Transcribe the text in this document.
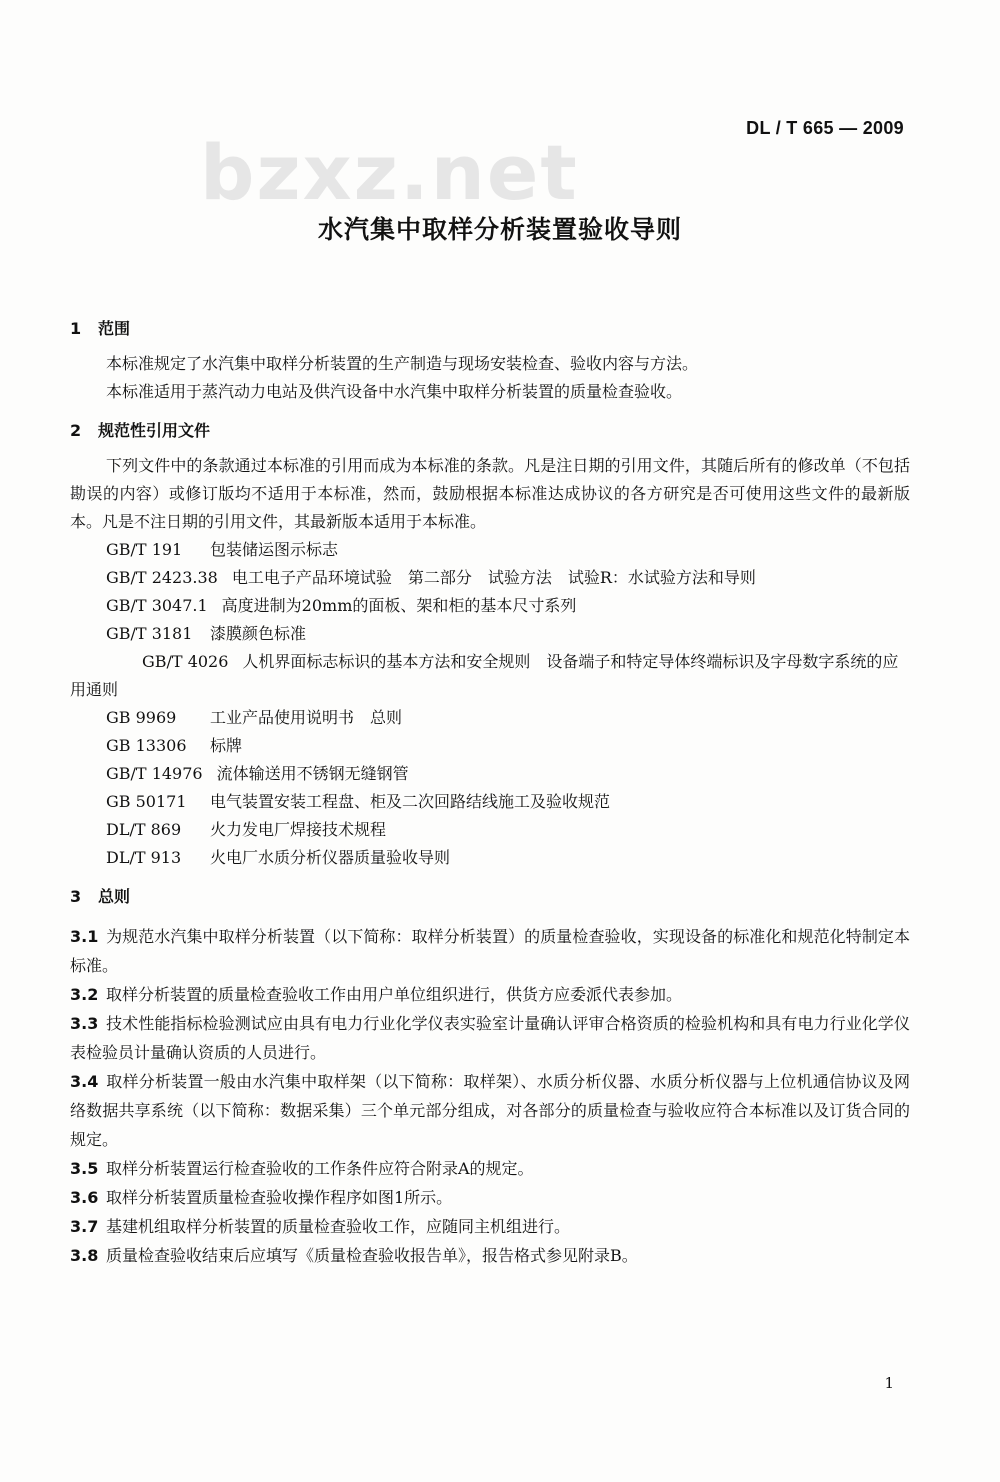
DL / T 665 — 2009
bzxz.net
水汽集中取样分析装置验收导则
1 范围
本标准规定了水汽集中取样分析装置的生产制造与现场安装检查、验收内容与方法。
本标准适用于蒸汽动力电站及供汽设备中水汽集中取样分析装置的质量检查验收。
2 规范性引用文件
下列文件中的条款通过本标准的引用而成为本标准的条款。凡是注日期的引用文件，其随后所有的修改单（不包括勘误的内容）或修订版均不适用于本标准，然而，鼓励根据本标准达成协议的各方研究是否可使用这些文件的最新版本。凡是不注日期的引用文件，其最新版本适用于本标准。
GB/T 191 包装储运图示标志
GB/T 2423.38 电工电子产品环境试验　第二部分　试验方法　试验R：水试验方法和导则
GB/T 3047.1 高度进制为20mm的面板、架和柜的基本尺寸系列
GB/T 3181 漆膜颜色标准
GB/T 4026 人机界面标志标识的基本方法和安全规则　设备端子和特定导体终端标识及字母数字系统的应用通则
GB 9969 工业产品使用说明书　总则
GB 13306 标牌
GB/T 14976 流体输送用不锈钢无缝钢管
GB 50171 电气装置安装工程盘、柜及二次回路结线施工及验收规范
DL/T 869 火力发电厂焊接技术规程
DL/T 913 火电厂水质分析仪器质量验收导则
3 总则
3.1 为规范水汽集中取样分析装置（以下简称：取样分析装置）的质量检查验收，实现设备的标准化和规范化特制定本标准。
3.2 取样分析装置的质量检查验收工作由用户单位组织进行，供货方应委派代表参加。
3.3 技术性能指标检验测试应由具有电力行业化学仪表实验室计量确认评审合格资质的检验机构和具有电力行业化学仪表检验员计量确认资质的人员进行。
3.4 取样分析装置一般由水汽集中取样架（以下简称：取样架）、水质分析仪器、水质分析仪器与上位机通信协议及网络数据共享系统（以下简称：数据采集）三个单元部分组成，对各部分的质量检查与验收应符合本标准以及订货合同的规定。
3.5 取样分析装置运行检查验收的工作条件应符合附录A的规定。
3.6 取样分析装置质量检查验收操作程序如图1所示。
3.7 基建机组取样分析装置的质量检查验收工作，应随同主机组进行。
3.8 质量检查验收结束后应填写《质量检查验收报告单》，报告格式参见附录B。
1
